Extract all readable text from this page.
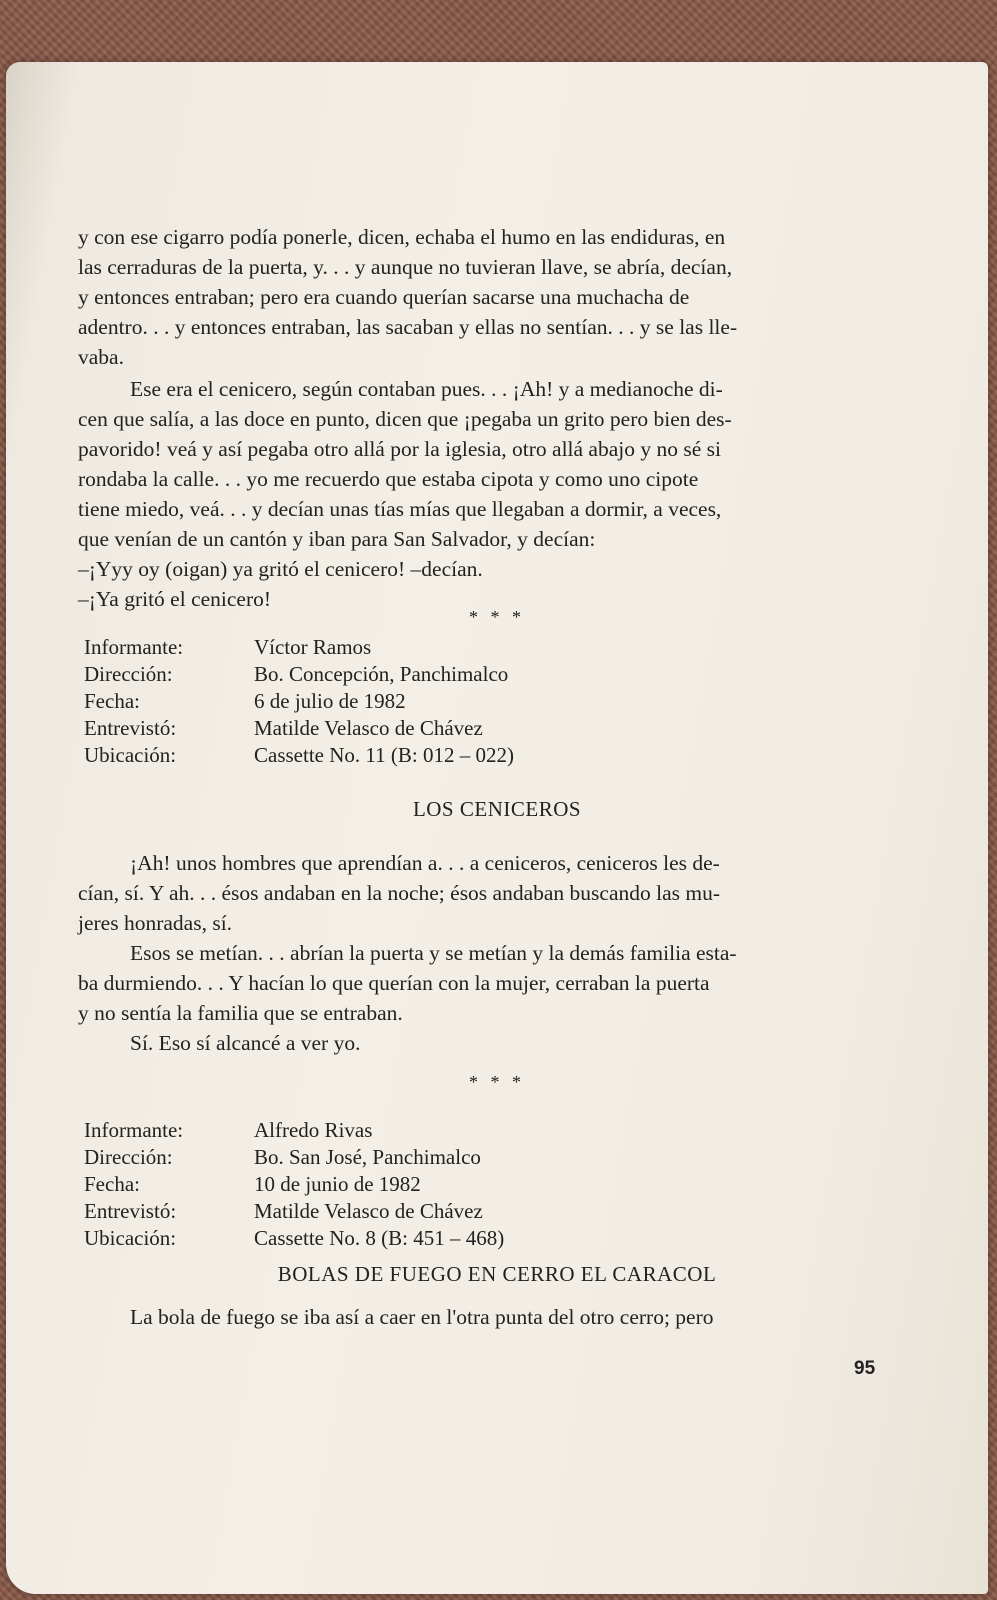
y con ese cigarro podía ponerle, dicen, echaba el humo en las endiduras, en
las cerraduras de la puerta, y. . . y aunque no tuvieran llave, se abría, decían,
y entonces entraban; pero era cuando querían sacarse una muchacha de
adentro. . . y entonces entraban, las sacaban y ellas no sentían. . . y se las lle-
vaba.
Ese era el cenicero, según contaban pues. . . ¡Ah! y a medianoche di-
cen que salía, a las doce en punto, dicen que ¡pegaba un grito pero bien des-
pavorido! veá y así pegaba otro allá por la iglesia, otro allá abajo y no sé si
rondaba la calle. . . yo me recuerdo que estaba cipota y como uno cipote
tiene miedo, veá. . . y decían unas tías mías que llegaban a dormir, a veces,
que venían de un cantón y iban para San Salvador, y decían:
–¡Yyy oy (oigan) ya gritó el cenicero! –decían.
–¡Ya gritó el cenicero!
* * *
Informante:	Víctor Ramos
Dirección:	Bo. Concepción, Panchimalco
Fecha:	6 de julio de 1982
Entrevistó:	Matilde Velasco de Chávez
Ubicación:	Cassette No. 11 (B: 012 – 022)
LOS CENICEROS
¡Ah! unos hombres que aprendían a. . . a ceniceros, ceniceros les de-
cían, sí. Y ah. . . ésos andaban en la noche; ésos andaban buscando las mu-
jeres honradas, sí.
Esos se metían. . . abrían la puerta y se metían y la demás familia esta-
ba durmiendo. . . Y hacían lo que querían con la mujer, cerraban la puerta
y no sentía la familia que se entraban.
Sí. Eso sí alcancé a ver yo.
* * *
Informante:	Alfredo Rivas
Dirección:	Bo. San José, Panchimalco
Fecha:	10 de junio de 1982
Entrevistó:	Matilde Velasco de Chávez
Ubicación:	Cassette No. 8 (B: 451 – 468)
BOLAS DE FUEGO EN CERRO EL CARACOL
La bola de fuego se iba así a caer en l'otra punta del otro cerro; pero
95
